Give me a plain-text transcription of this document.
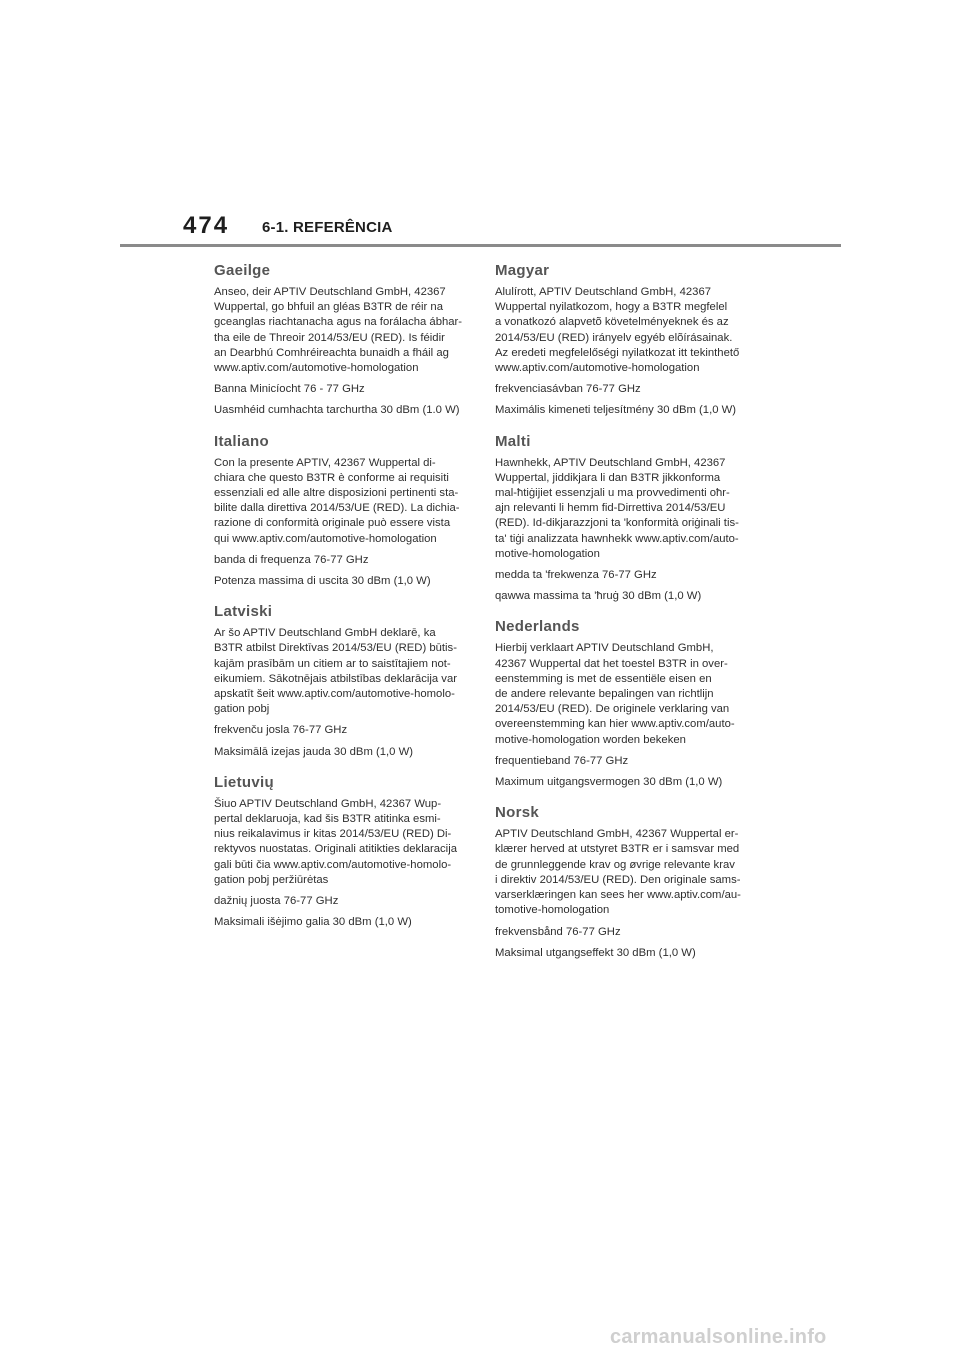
474 6-1. REFERÊNCIA
Gaeilge

Anseo, deir APTIV Deutschland GmbH, 42367
Wuppertal, go bhfuil an gléas B3TR de réir na
gceanglas riachtanacha agus na forálacha ábhar-
tha eile de Threoir 2014/53/EU (RED). Is féidir
an Dearbhú Comhréireachta bunaidh a fháil ag
www.aptiv.com/automotive-homologation

Banna Minicíocht 76 - 77 GHz

Uasmhéid cumhachta tarchurtha 30 dBm (1.0 W)

Italiano

Con la presente APTIV, 42367 Wuppertal di-
chiara che questo B3TR è conforme ai requisiti
essenziali ed alle altre disposizioni pertinenti sta-
bilite dalla direttiva 2014/53/UE (RED). La dichia-
razione di conformità originale può essere vista
qui www.aptiv.com/automotive-homologation

banda di frequenza 76-77 GHz

Potenza massima di uscita 30 dBm (1,0 W)

Latviski

Ar šo APTIV Deutschland GmbH deklarē, ka
B3TR atbilst Direktīvas 2014/53/EU (RED) būtis-
kajām prasībām un citiem ar to saistītajiem not-
eikumiem. Sākotnējais atbilstības deklarācija var
apskatīt šeit www.aptiv.com/automotive-homolo-
gation pobj

frekvenču josla 76-77 GHz

Maksimālā izejas jauda 30 dBm (1,0 W)

Lietuvių

Šiuo APTIV Deutschland GmbH, 42367 Wup-
pertal deklaruoja, kad šis B3TR atitinka esmi-
nius reikalavimus ir kitas 2014/53/EU (RED) Di-
rektyvos nuostatas. Originali atitikties deklaracija
gali būti čia www.aptiv.com/automotive-homolo-
gation pobj peržiūrėtas

dažnių juosta 76-77 GHz

Maksimali išėjimo galia 30 dBm (1,0 W)

Magyar

Alulírott, APTIV Deutschland GmbH, 42367
Wuppertal nyilatkozom, hogy a B3TR megfelel
a vonatkozó alapvetõ követelményeknek és az
2014/53/EU (RED) irányelv egyéb elõírásainak.
Az eredeti megfelelőségi nyilatkozat itt tekinthető
www.aptiv.com/automotive-homologation

frekvenciasávban 76-77 GHz

Maximális kimeneti teljesítmény 30 dBm (1,0 W)

Malti

Hawnhekk, APTIV Deutschland GmbH, 42367
Wuppertal, jiddikjara li dan B3TR jikkonforma
mal-ħtiġijiet essenzjali u ma provvedimenti oħr-
ajn relevanti li hemm fid-Dirrettiva 2014/53/EU
(RED). Id-dikjarazzjoni ta 'konformità oriġinali tis-
ta' tiġi analizzata hawnhekk www.aptiv.com/auto-
motive-homologation

medda ta 'frekwenza 76-77 GHz

qawwa massima ta 'ħruġ 30 dBm (1,0 W)

Nederlands

Hierbij verklaart APTIV Deutschland GmbH,
42367 Wuppertal dat het toestel B3TR in over-
eenstemming is met de essentiële eisen en
de andere relevante bepalingen van richtlijn
2014/53/EU (RED). De originele verklaring van
overeenstemming kan hier www.aptiv.com/auto-
motive-homologation worden bekeken

frequentieband 76-77 GHz

Maximum uitgangsvermogen 30 dBm (1,0 W)

Norsk

APTIV Deutschland GmbH, 42367 Wuppertal er-
klærer herved at utstyret B3TR er i samsvar med
de grunnleggende krav og øvrige relevante krav
i direktiv 2014/53/EU (RED). Den originale sams-
varserklæringen kan sees her www.aptiv.com/au-
tomotive-homologation

frekvensbånd 76-77 GHz

Maksimal utgangseffekt 30 dBm (1,0 W)

carmanualsonline.info
